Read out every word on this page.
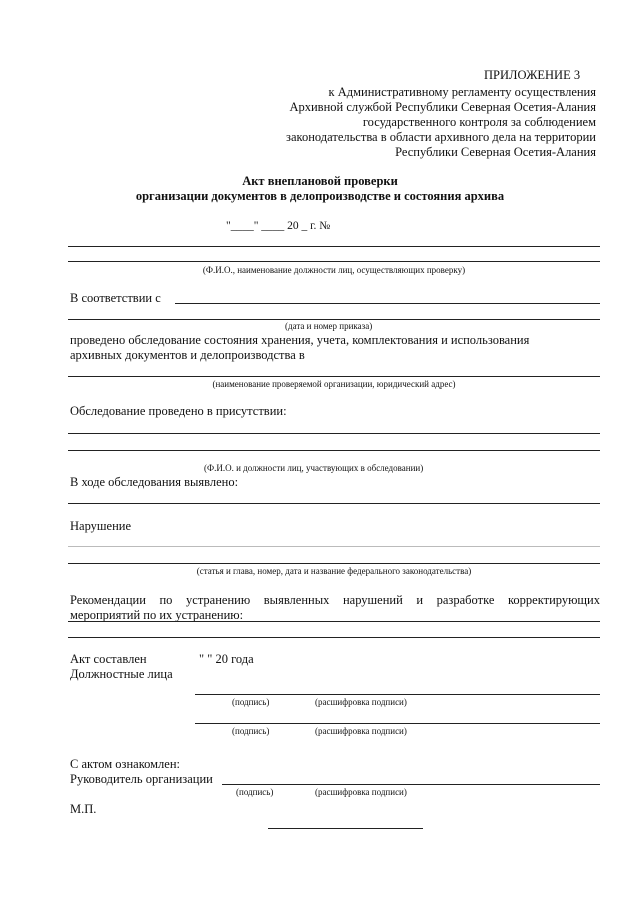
ПРИЛОЖЕНИЕ 3
к Административному регламенту осуществления
Архивной службой Республики Северная Осетия-Алания
государственного контроля за соблюдением
законодательства в области архивного дела на территории
Республики Северная Осетия-Алания
Акт внеплановой проверки
организации документов в делопроизводстве и состояния архива
"____" ____ 20 _ г. №
(Ф.И.О., наименование должности лиц, осуществляющих проверку)
В соответствии с
(дата и номер приказа)
проведено обследование состояния хранения, учета, комплектования и использования
архивных документов и делопроизводства в
(наименование проверяемой организации, юридический адрес)
Обследование проведено в присутствии:
(Ф.И.О. и должности лиц, участвующих в обследовании)
В ходе обследования выявлено:
Нарушение
(статья и глава, номер, дата и название федерального законодательства)
Рекомендации по устранению выявленных нарушений и разработке корректирующих
мероприятий по их устранению:
Акт составлен	" " 20 года
Должностные лица
(подпись)	(расшифровка подписи)
(подпись)	(расшифровка подписи)
С актом ознакомлен:
Руководитель организации
(подпись)	(расшифровка подписи)
М.П.
